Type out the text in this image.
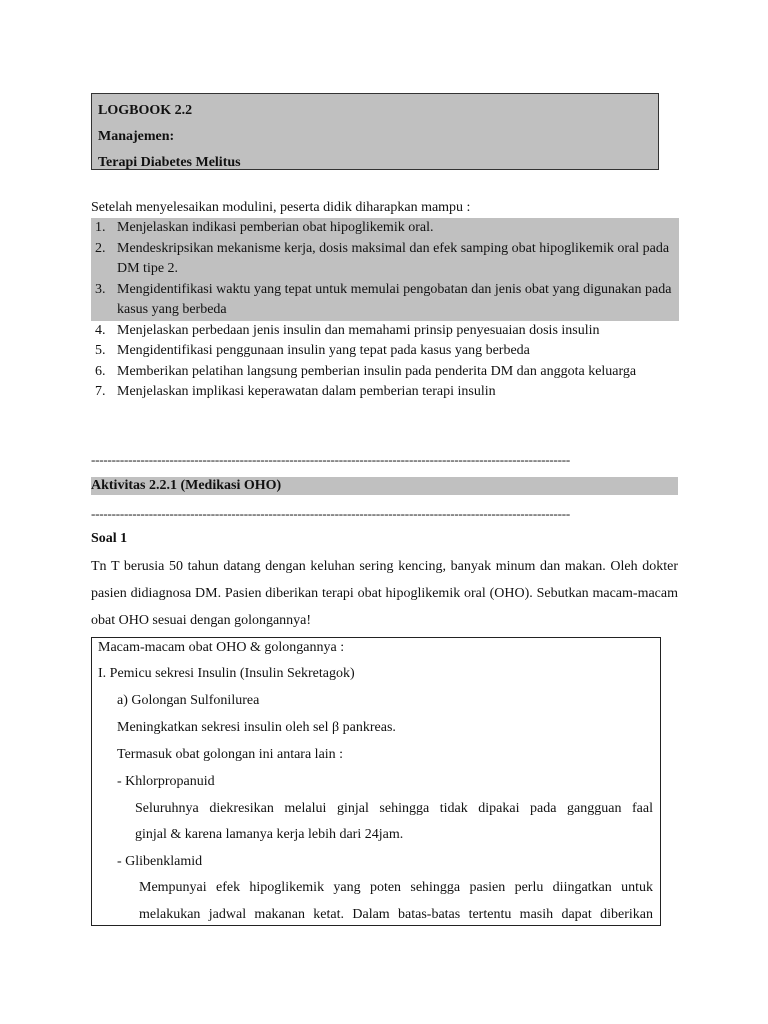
LOGBOOK 2.2
Manajemen:
Terapi Diabetes Melitus
Setelah menyelesaikan modulini, peserta didik diharapkan mampu :
1. Menjelaskan indikasi pemberian obat hipoglikemik oral.
2. Mendeskripsikan mekanisme kerja, dosis maksimal dan efek samping obat hipoglikemik oral pada DM tipe 2.
3. Mengidentifikasi waktu yang tepat untuk memulai pengobatan dan jenis obat yang digunakan pada kasus yang berbeda
4. Menjelaskan perbedaan jenis insulin dan memahami prinsip penyesuaian dosis insulin
5. Mengidentifikasi penggunaan insulin yang tepat pada kasus yang berbeda
6. Memberikan pelatihan langsung pemberian insulin pada penderita DM dan anggota keluarga
7. Menjelaskan implikasi keperawatan dalam pemberian terapi insulin
--------------------------------------------------------------------------------------------------------------------
Aktivitas 2.2.1 (Medikasi OHO)
--------------------------------------------------------------------------------------------------------------------
Soal 1
Tn T berusia 50 tahun datang dengan keluhan sering kencing, banyak minum dan makan. Oleh dokter pasien didiagnosa DM. Pasien diberikan terapi obat hipoglikemik oral (OHO). Sebutkan macam-macam obat OHO sesuai dengan golongannya!
Macam-macam obat OHO & golongannya :
I. Pemicu sekresi Insulin (Insulin Sekretagok)
a) Golongan Sulfonilurea
Meningkatkan sekresi insulin oleh sel β pankreas.
Termasuk obat golongan ini antara lain :
- Khlorpropanuid
Seluruhnya diekresikan melalui ginjal sehingga tidak dipakai pada gangguan faal
ginjal & karena lamanya kerja lebih dari 24jam.
- Glibenklamid
Mempunyai efek hipoglikemik yang poten sehingga pasien perlu diingatkan untuk
melakukan jadwal makanan ketat. Dalam batas-batas tertentu masih dapat diberikan
